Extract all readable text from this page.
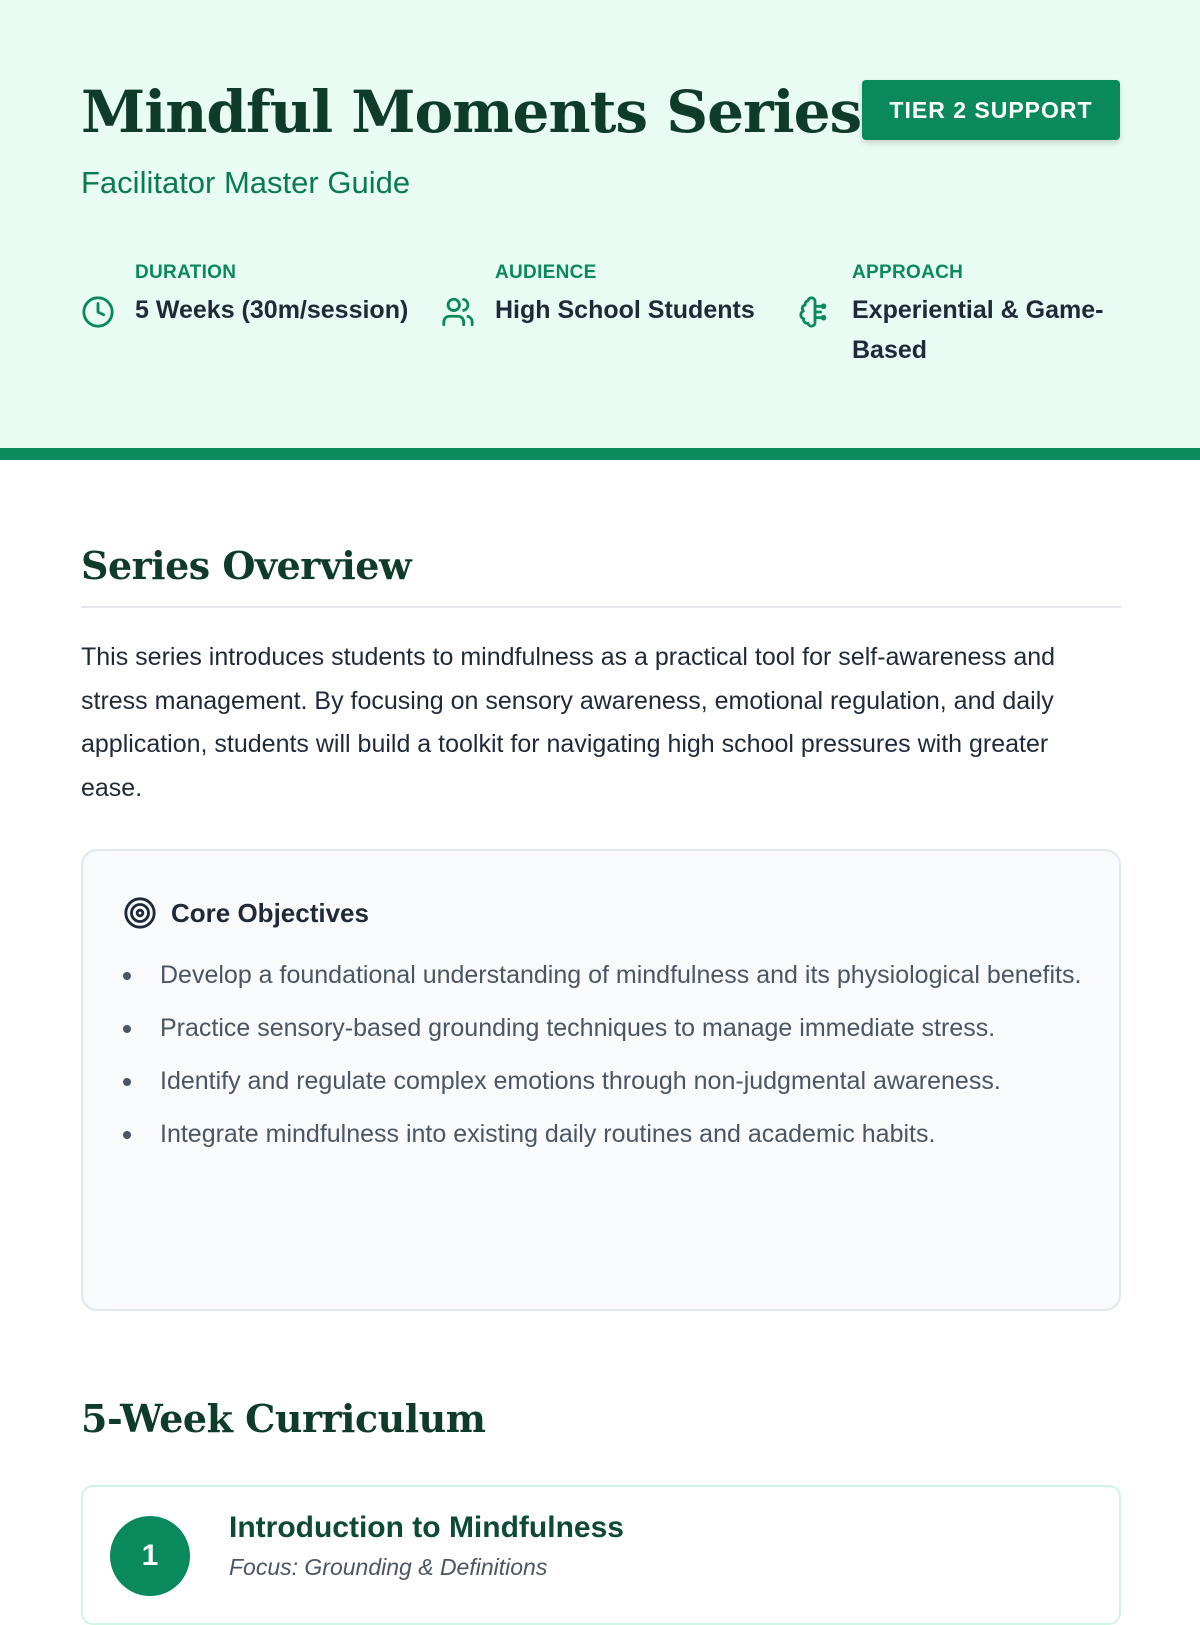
Mindful Moments Series
Facilitator Master Guide
TIER 2 SUPPORT
DURATION
5 Weeks (30m/session)
AUDIENCE
High School Students
APPROACH
Experiential & Game-Based
Series Overview
This series introduces students to mindfulness as a practical tool for self-awareness and stress management. By focusing on sensory awareness, emotional regulation, and daily application, students will build a toolkit for navigating high school pressures with greater ease.
Core Objectives
Develop a foundational understanding of mindfulness and its physiological benefits.
Practice sensory-based grounding techniques to manage immediate stress.
Identify and regulate complex emotions through non-judgmental awareness.
Integrate mindfulness into existing daily routines and academic habits.
5-Week Curriculum
1
Introduction to Mindfulness
Focus: Grounding & Definitions
